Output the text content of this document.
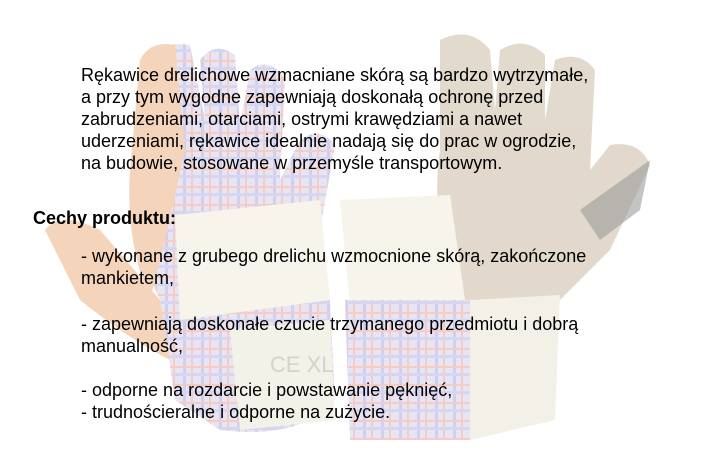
CE XL
Rękawice drelichowe wzmacniane skórą są bardzo wytrzymałe,
a przy tym wygodne zapewniają doskonałą ochronę przed
zabrudzeniami, otarciami, ostrymi krawędziami a nawet
uderzeniami, rękawice idealnie nadają się do prac w ogrodzie,
na budowie, stosowane w przemyśle transportowym.
Cechy produktu:
- wykonane z grubego drelichu wzmocnione skórą, zakończone
mankietem,
- zapewniają doskonałe czucie trzymanego przedmiotu i dobrą
manualność,
- odporne na rozdarcie i powstawanie pęknięć,
- trudnościeralne i odporne na zużycie.
